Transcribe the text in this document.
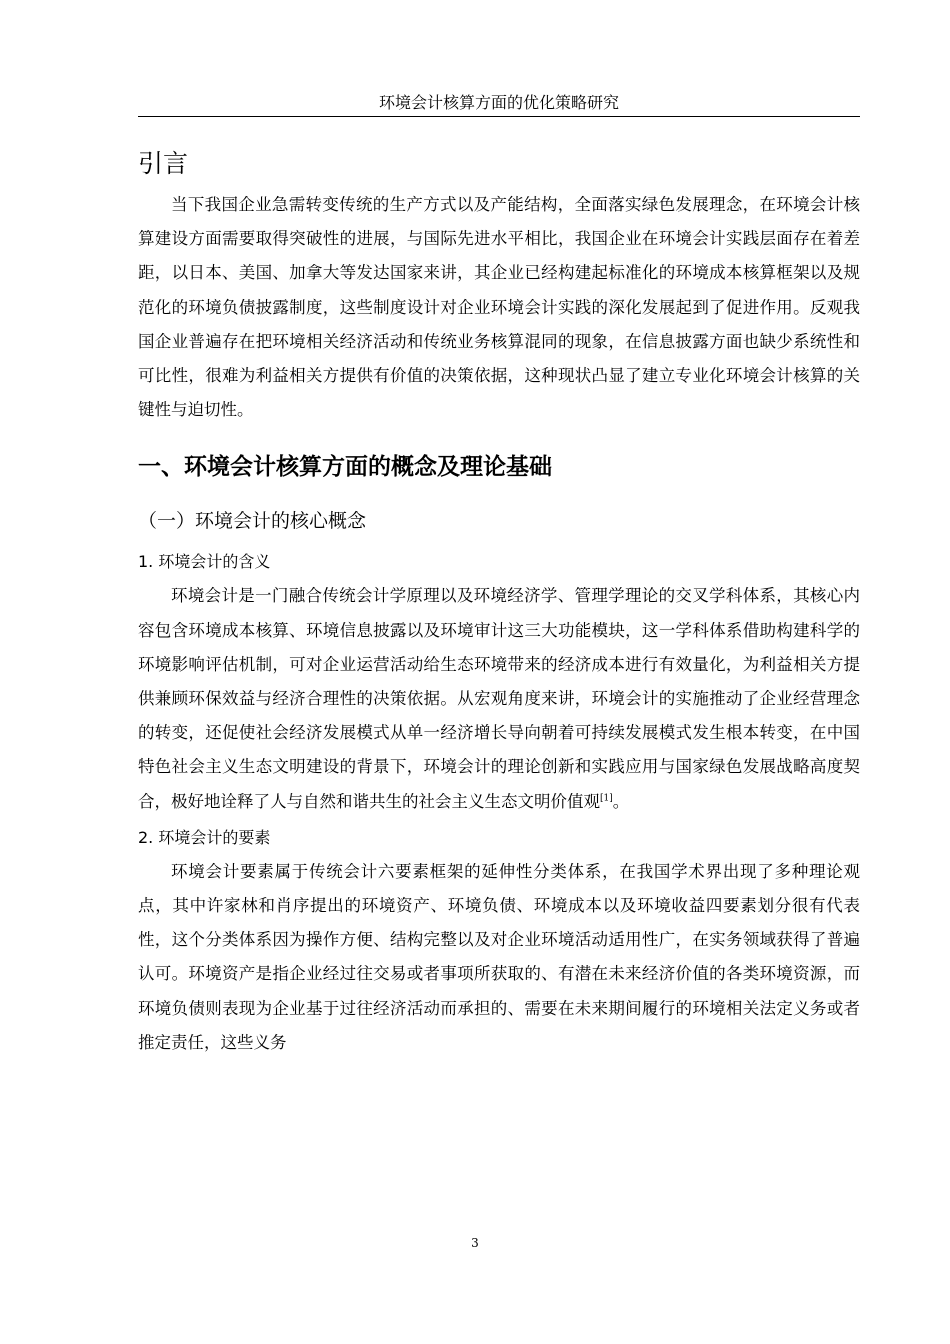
环境会计核算方面的优化策略研究
引言

当下我国企业急需转变传统的生产方式以及产能结构，全面落实绿色发展理念，在环境会计核算建设方面需要取得突破性的进展，与国际先进水平相比，我国企业在环境会计实践层面存在着差距，以日本、美国、加拿大等发达国家来讲，其企业已经构建起标准化的环境成本核算框架以及规范化的环境负债披露制度，这些制度设计对企业环境会计实践的深化发展起到了促进作用。反观我国企业普遍存在把环境相关经济活动和传统业务核算混同的现象，在信息披露方面也缺少系统性和可比性，很难为利益相关方提供有价值的决策依据，这种现状凸显了建立专业化环境会计核算的关键性与迫切性。

一、环境会计核算方面的概念及理论基础
（一）环境会计的核心概念
1. 环境会计的含义

环境会计是一门融合传统会计学原理以及环境经济学、管理学理论的交叉学科体系，其核心内容包含环境成本核算、环境信息披露以及环境审计这三大功能模块，这一学科体系借助构建科学的环境影响评估机制，可对企业运营活动给生态环境带来的经济成本进行有效量化，为利益相关方提供兼顾环保效益与经济合理性的决策依据。从宏观角度来讲，环境会计的实施推动了企业经营理念的转变，还促使社会经济发展模式从单一经济增长导向朝着可持续发展模式发生根本转变，在中国特色社会主义生态文明建设的背景下，环境会计的理论创新和实践应用与国家绿色发展战略高度契合，极好地诠释了人与自然和谐共生的社会主义生态文明价值观[1]。

2. 环境会计的要素

环境会计要素属于传统会计六要素框架的延伸性分类体系，在我国学术界出现了多种理论观点，其中许家林和肖序提出的环境资产、环境负债、环境成本以及环境收益四要素划分很有代表性，这个分类体系因为操作方便、结构完整以及对企业环境活动适用性广，在实务领域获得了普遍认可。环境资产是指企业经过往交易或者事项所获取的、有潜在未来经济价值的各类环境资源，而环境负债则表现为企业基于过往经济活动而承担的、需要在未来期间履行的环境相关法定义务或者推定责任，这些义务

3
